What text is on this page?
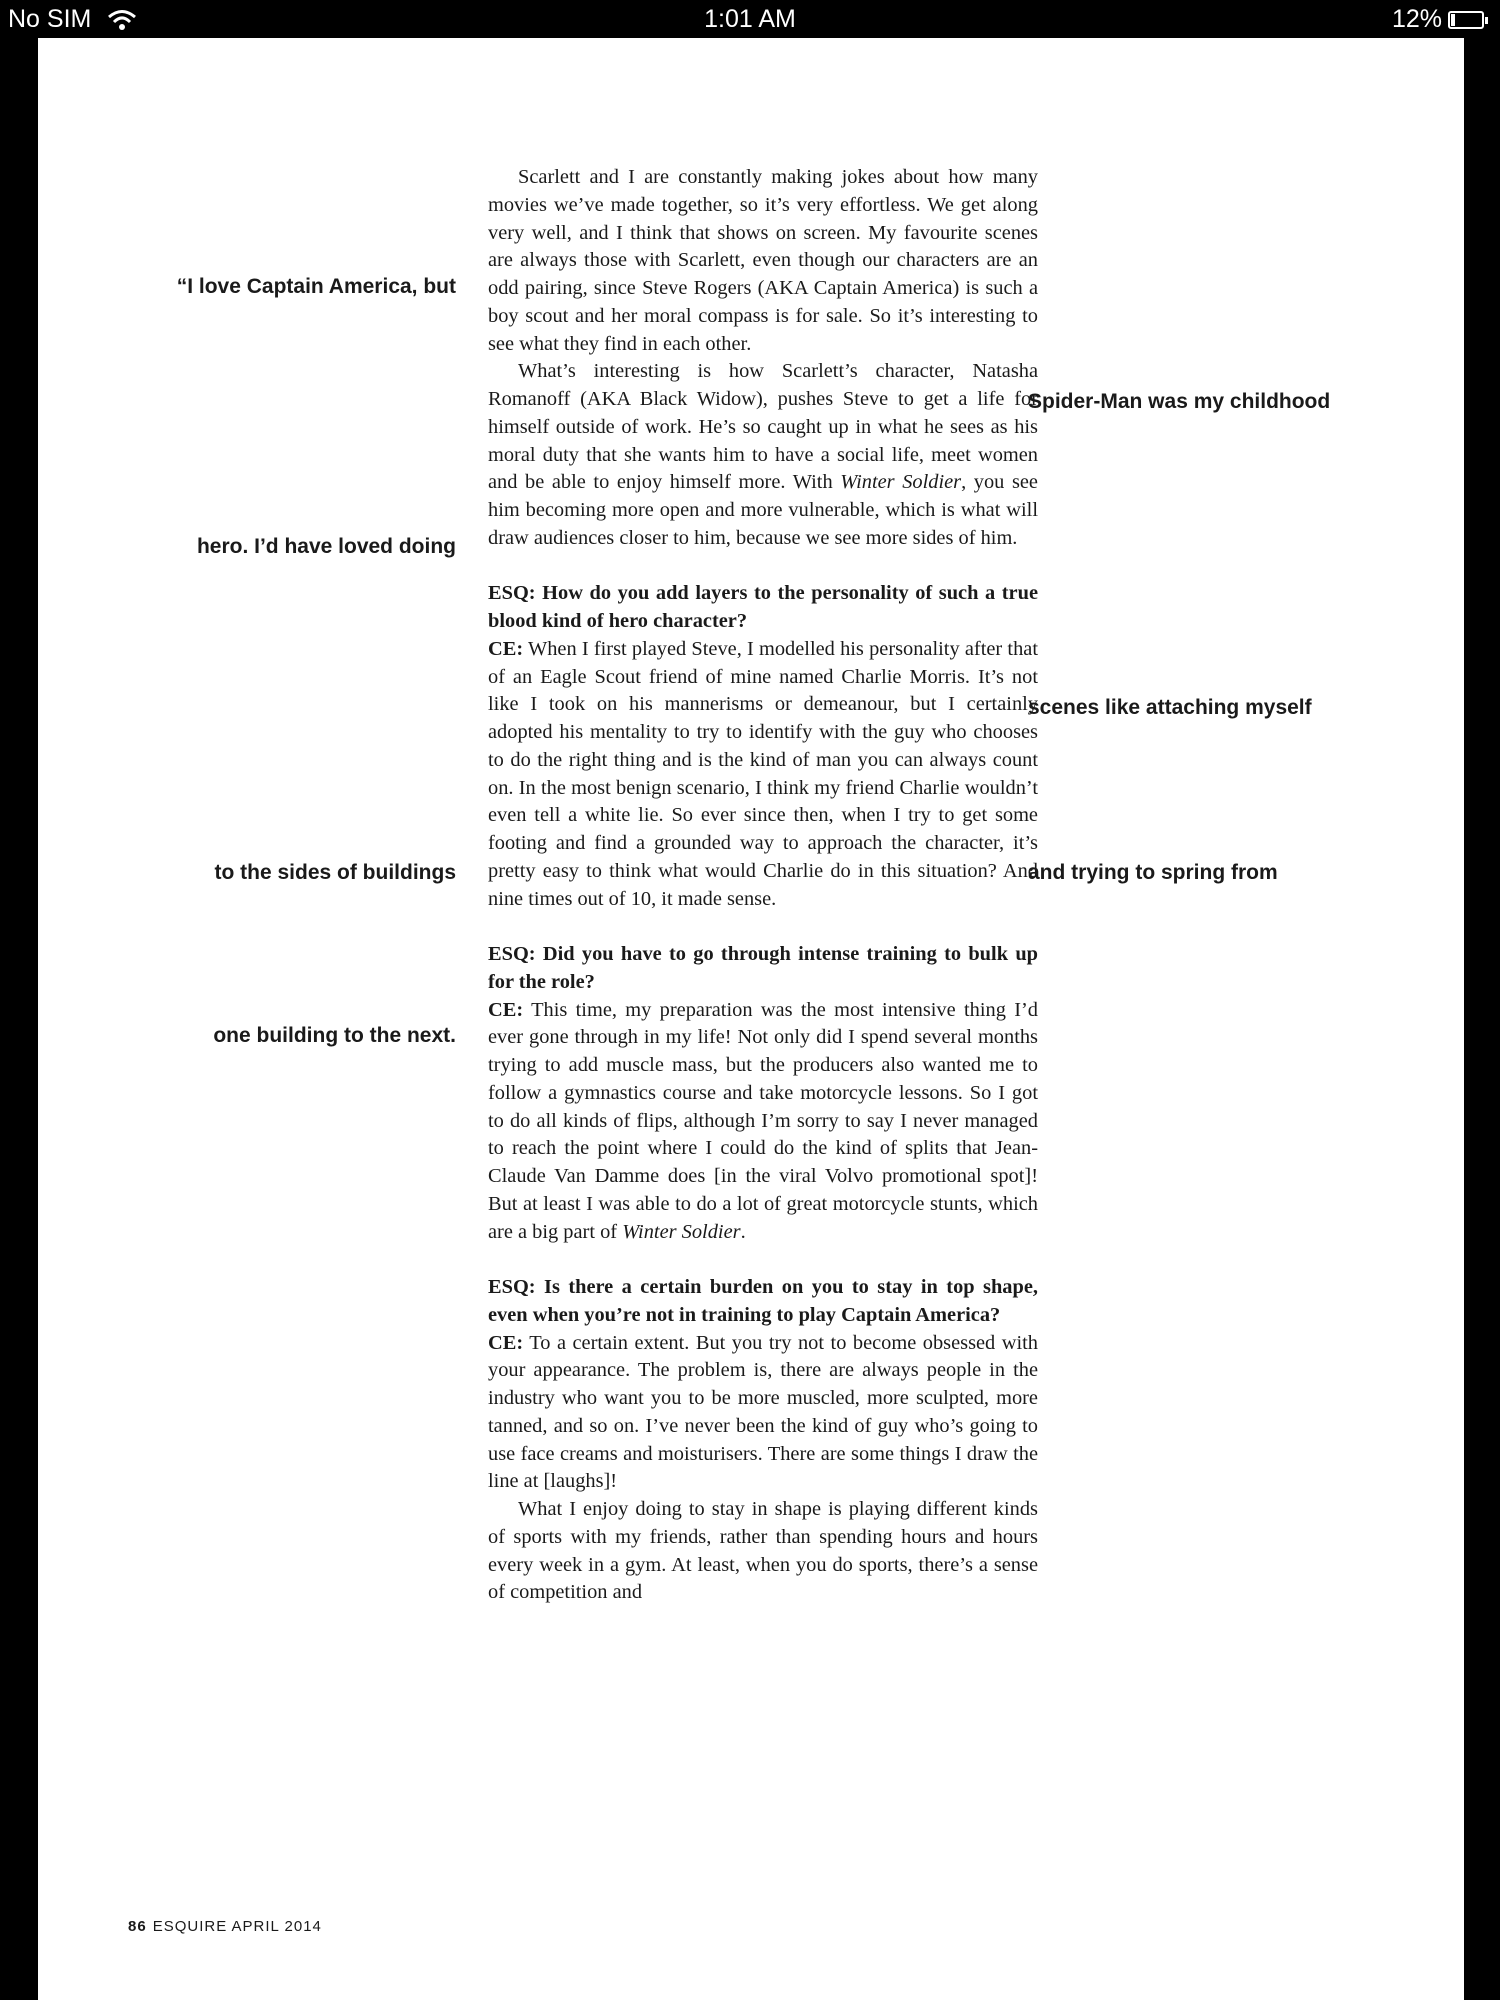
No SIM	1:01 AM	12%
“I love Captain America, but
hero. I’d have loved doing
to the sides of buildings
one building to the next.
Spider-Man was my childhood
scenes like attaching myself
and trying to spring from

Scarlett and I are constantly making jokes about how many movies we’ve made together, so it’s very effortless. We get along very well, and I think that shows on screen. My favourite scenes are always those with Scarlett, even though our characters are an odd pairing, since Steve Rogers (AKA Captain America) is such a boy scout and her moral compass is for sale. So it’s interesting to see what they find in each other.

What’s interesting is how Scarlett’s character, Natasha Romanoff (AKA Black Widow), pushes Steve to get a life for himself outside of work. He’s so caught up in what he sees as his moral duty that she wants him to have a social life, meet women and be able to enjoy himself more. With Winter Soldier, you see him becoming more open and more vulnerable, which is what will draw audiences closer to him, because we see more sides of him.

ESQ: How do you add layers to the personality of such a true blood kind of hero character?

CE: When I first played Steve, I modelled his personality after that of an Eagle Scout friend of mine named Charlie Morris. It’s not like I took on his mannerisms or demeanour, but I certainly adopted his mentality to try to identify with the guy who chooses to do the right thing and is the kind of man you can always count on. In the most benign scenario, I think my friend Charlie wouldn’t even tell a white lie. So ever since then, when I try to get some footing and find a grounded way to approach the character, it’s pretty easy to think what would Charlie do in this situation? And nine times out of 10, it made sense.

ESQ: Did you have to go through intense training to bulk up for the role?

CE: This time, my preparation was the most intensive thing I’d ever gone through in my life! Not only did I spend several months trying to add muscle mass, but the producers also wanted me to follow a gymnastics course and take motorcycle lessons. So I got to do all kinds of flips, although I’m sorry to say I never managed to reach the point where I could do the kind of splits that Jean-Claude Van Damme does [in the viral Volvo promotional spot]! But at least I was able to do a lot of great motorcycle stunts, which are a big part of Winter Soldier.

ESQ: Is there a certain burden on you to stay in top shape, even when you’re not in training to play Captain America?

CE: To a certain extent. But you try not to become obsessed with your appearance. The problem is, there are always people in the industry who want you to be more muscled, more sculpted, more tanned, and so on. I’ve never been the kind of guy who’s going to use face creams and moisturisers. There are some things I draw the line at [laughs]!

What I enjoy doing to stay in shape is playing different kinds of sports with my friends, rather than spending hours and hours every week in a gym. At least, when you do sports, there’s a sense of competition and

86 ESQUIRE APRIL 2014
